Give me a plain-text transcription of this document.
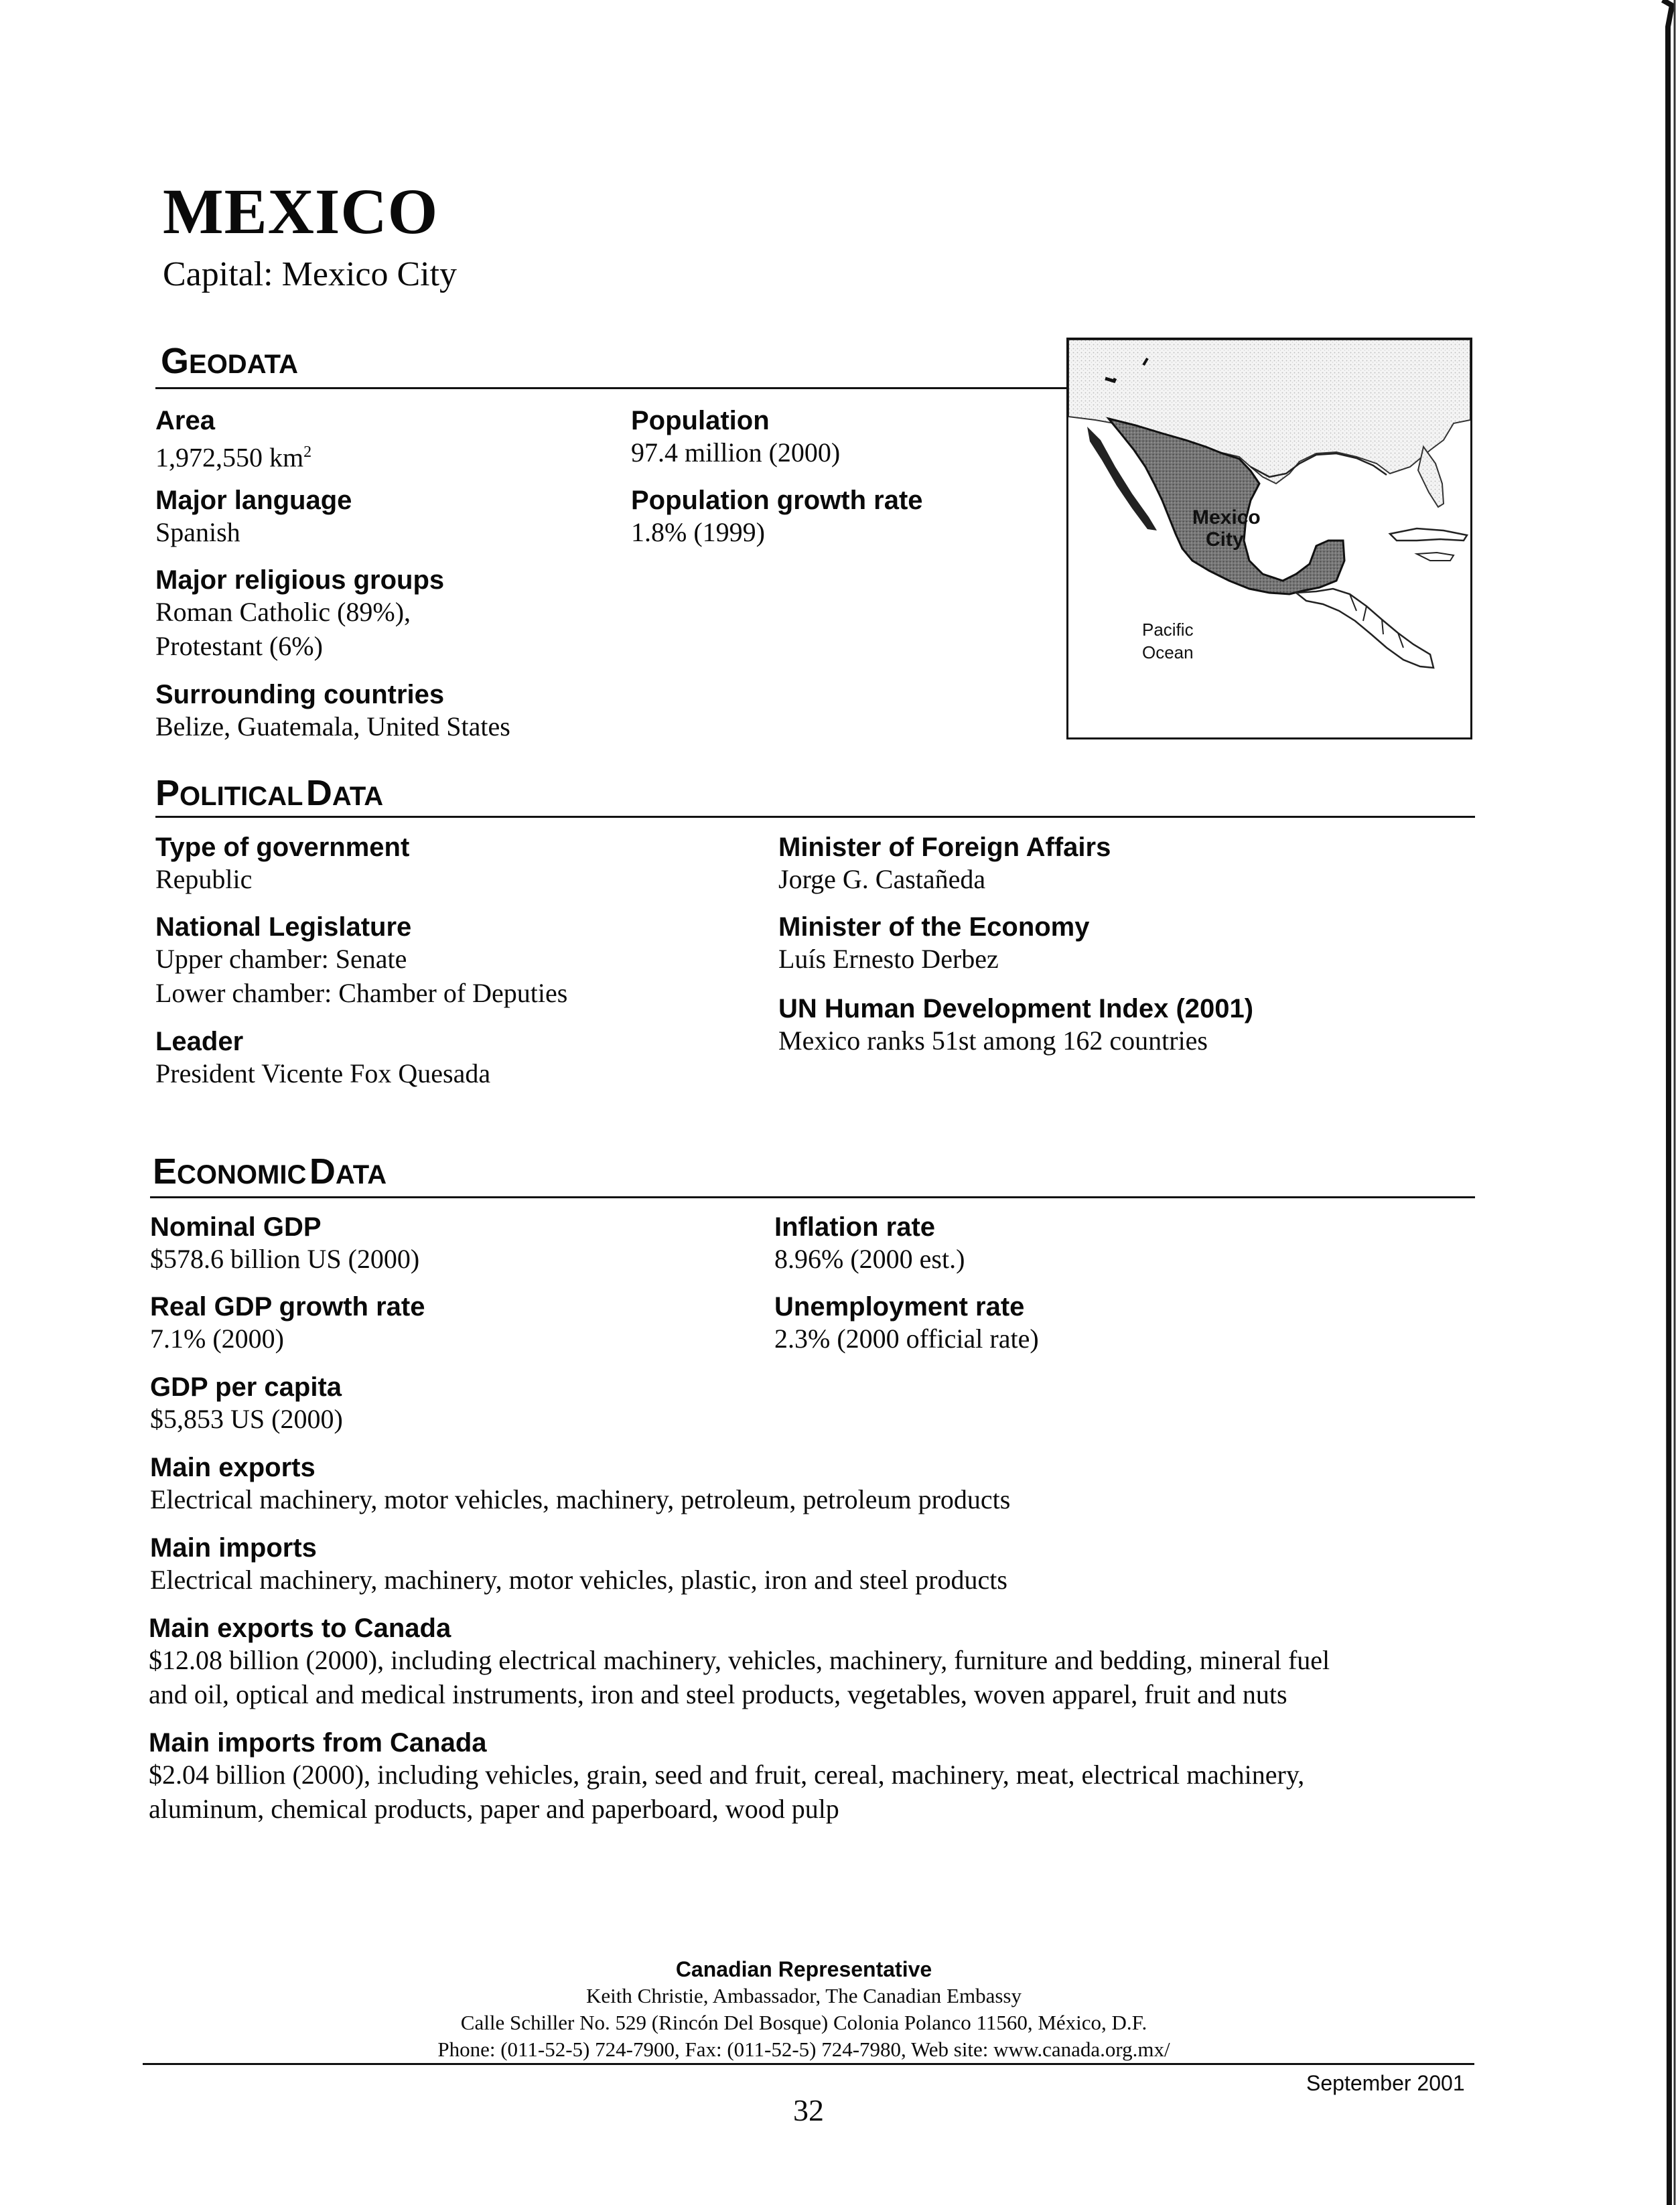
MEXICO
Capital: Mexico City
GEODATA
Area
1,972,550 $km^2$
Population
97.4 million (2000)
Major language
Spanish
Population growth rate
1.8% (1999)
Major religious groups
Roman Catholic (89%),
Protestant (6%)
Surrounding countries
Belize, Guatemala, United States
Mexico
City
Pacific
Ocean
POLITICAL DATA
Type of government
Republic
Minister of Foreign Affairs
Jorge G. Castañeda
National Legislature
Upper chamber: Senate
Lower chamber: Chamber of Deputies
Minister of the Economy
Luís Ernesto Derbez
UN Human Development Index (2001)
Mexico ranks 51st among 162 countries
Leader
President Vicente Fox Quesada
ECONOMIC DATA
Nominal GDP
$578.6 billion US (2000)
Inflation rate
8.96% (2000 est.)
Real GDP growth rate
7.1% (2000)
Unemployment rate
2.3% (2000 official rate)
GDP per capita
$5,853 US (2000)
Main exports
Electrical machinery, motor vehicles, machinery, petroleum, petroleum products
Main imports
Electrical machinery, machinery, motor vehicles, plastic, iron and steel products
Main exports to Canada
$12.08 billion (2000), including electrical machinery, vehicles, machinery, furniture and bedding, mineral fuel
and oil, optical and medical instruments, iron and steel products, vegetables, woven apparel, fruit and nuts
Main imports from Canada
$2.04 billion (2000), including vehicles, grain, seed and fruit, cereal, machinery, meat, electrical machinery,
aluminum, chemical products, paper and paperboard, wood pulp
Canadian Representative
Keith Christie, Ambassador, The Canadian Embassy
Calle Schiller No. 529 (Rincón Del Bosque) Colonia Polanco 11560, México, D.F.
Phone: (011-52-5) 724-7900, Fax: (011-52-5) 724-7980, Web site: www.canada.org.mx/
September 2001
32
